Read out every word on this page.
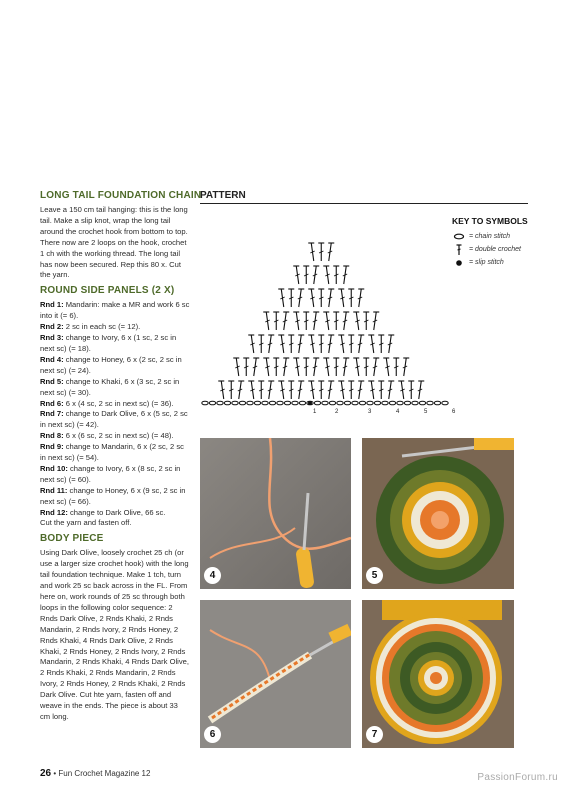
LONG TAIL FOUNDATION CHAIN

Leave a 150 cm tail hanging: this is the long tail. Make a slip knot, wrap the long tail around the crochet hook from bottom to top. There now are 2 loops on the hook, crochet 1 ch with the working thread. The long tail has now been secured. Rep this 80 x. Cut the yarn.

ROUND SIDE PANELS (2 X)
Rnd 1: Mandarin: make a MR and work 6 sc into it (= 6).
Rnd 2: 2 sc in each sc (= 12).
Rnd 3: change to Ivory, 6 x (1 sc, 2 sc in next sc) (= 18).
Rnd 4: change to Honey, 6 x (2 sc, 2 sc in next sc) (= 24).
Rnd 5: change to Khaki, 6 x (3 sc, 2 sc in next sc) (= 30).
Rnd 6: 6 x (4 sc, 2 sc in next sc) (= 36).
Rnd 7: change to Dark Olive, 6 x (5 sc, 2 sc in next sc) (= 42).
Rnd 8: 6 x (6 sc, 2 sc in next sc) (= 48).
Rnd 9: change to Mandarin, 6 x (2 sc, 2 sc in next sc) (= 54).
Rnd 10: change to Ivory, 6 x (8 sc, 2 sc in next sc) (= 60).
Rnd 11: change to Honey, 6 x (9 sc, 2 sc in next sc) (= 66).
Rnd 12: change to Dark Olive, 66 sc.
Cut the yarn and fasten off.
BODY PIECE

Using Dark Olive, loosely crochet 25 ch (or use a larger size crochet hook) with the long tail foundation technique. Make 1 tch, turn and work 25 sc back across in the FL. From here on, work rounds of 25 sc through both loops in the following color sequence: 2 Rnds Dark Olive, 2 Rnds Khaki, 2 Rnds Mandarin, 2 Rnds Ivory, 2 Rnds Honey, 2 Rnds Khaki, 4 Rnds Dark Olive, 2 Rnds Khaki, 2 Rnds Honey, 2 Rnds Ivory, 2 Rnds Mandarin, 2 Rnds Khaki, 4 Rnds Dark Olive, 2 Rnds Khaki, 2 Rnds Mandarin, 2 Rnds Ivory, 2 Rnds Honey, 2 Rnds Khaki, 2 Rnds Dark Olive. Cut hte yarn, fasten off and weave in the ends. The piece is about 33 cm long.

PATTERN
KEY TO SYMBOLS
= chain stitch
= double crochet
= slip stitch
1	2	3	4	5	6
4	5
6	7
26 • Fun Crochet Magazine 12	PassionForum.ru
